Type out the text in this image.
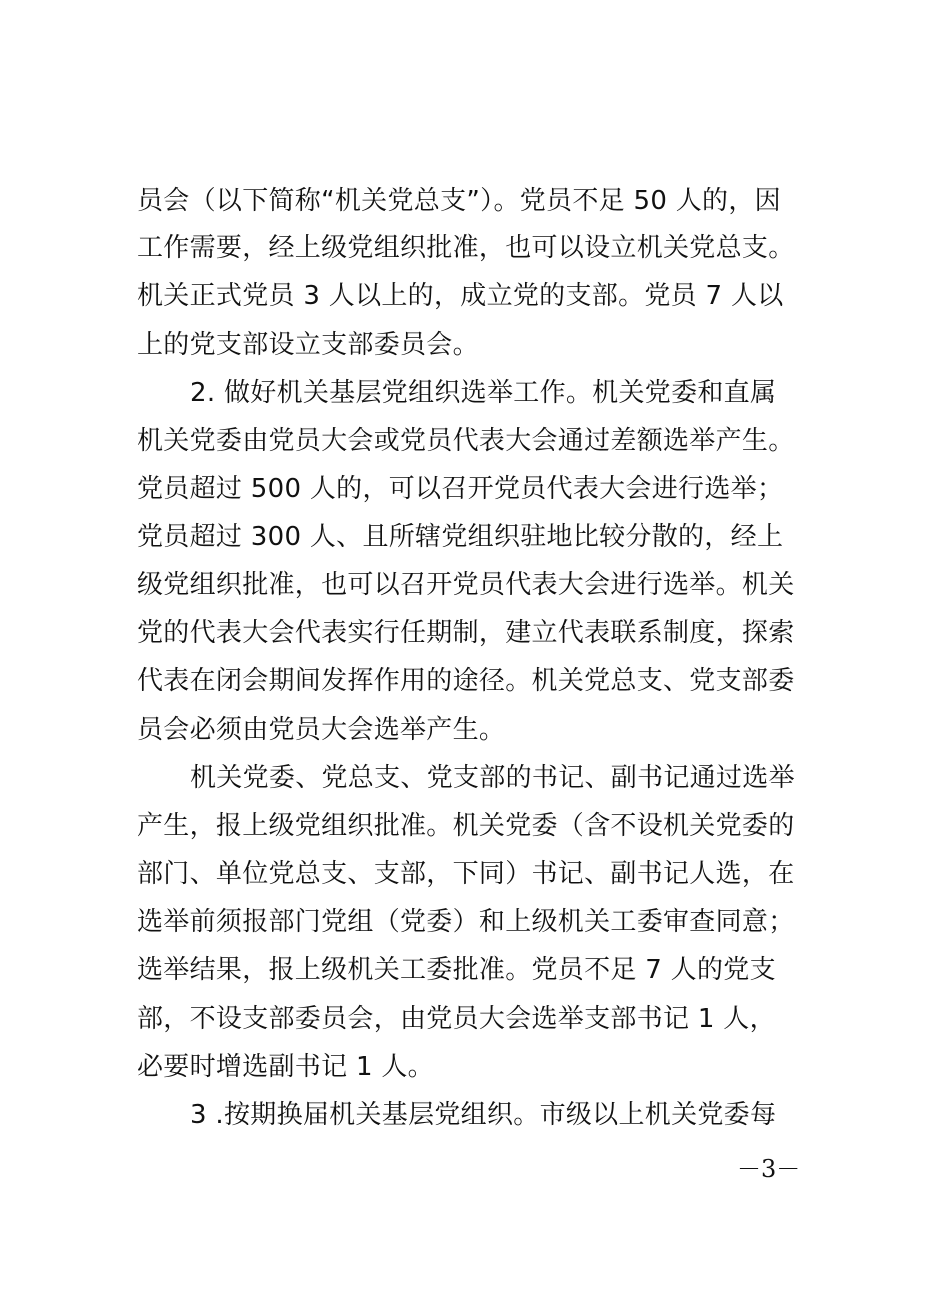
员会（以下简称“机关党总支”）。党员不足 50 人的，因
工作需要，经上级党组织批准，也可以设立机关党总支。
机关正式党员 3 人以上的，成立党的支部。党员 7 人以
上的党支部设立支部委员会。
2. 做好机关基层党组织选举工作。机关党委和直属
机关党委由党员大会或党员代表大会通过差额选举产生。
党员超过 500 人的，可以召开党员代表大会进行选举；
党员超过 300 人、且所辖党组织驻地比较分散的，经上
级党组织批准，也可以召开党员代表大会进行选举。机关
党的代表大会代表实行任期制，建立代表联系制度，探索
代表在闭会期间发挥作用的途径。机关党总支、党支部委
员会必须由党员大会选举产生。
机关党委、党总支、党支部的书记、副书记通过选举
产生，报上级党组织批准。机关党委（含不设机关党委的
部门、单位党总支、支部，下同）书记、副书记人选，在
选举前须报部门党组（党委）和上级机关工委审查同意；
选举结果，报上级机关工委批准。党员不足 7 人的党支
部，不设支部委员会，由党员大会选举支部书记 1 人，
必要时增选副书记 1 人。
3 .按期换届机关基层党组织。市级以上机关党委每
－3－
